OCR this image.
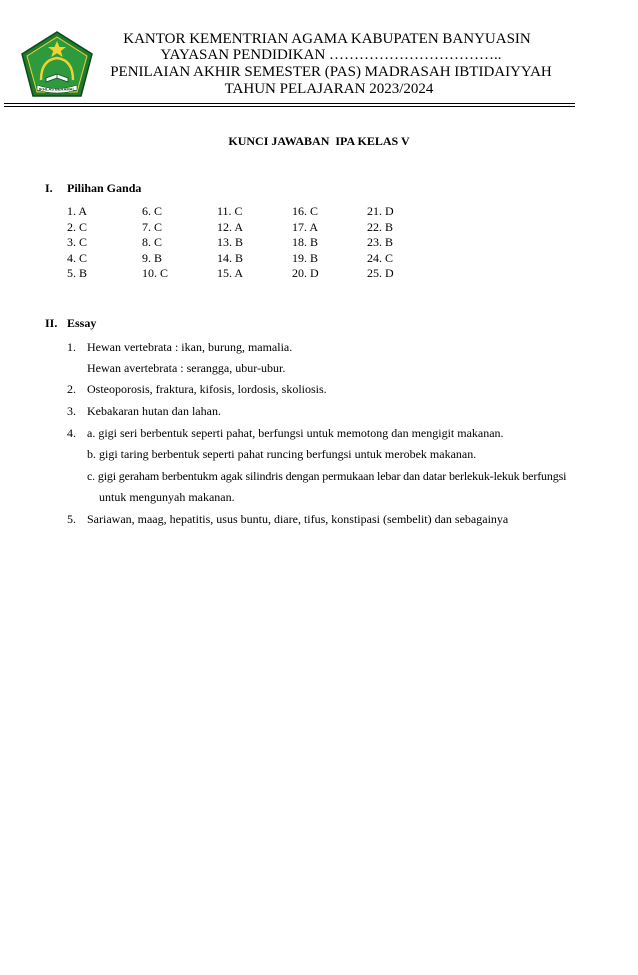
IKHLAS BERAMAL
KANTOR KEMENTRIAN AGAMA KABUPATEN BANYUASIN
YAYASAN PENDIDIKAN ……………………………..
PENILAIAN AKHIR SEMESTER (PAS) MADRASAH IBTIDAIYYAH
TAHUN PELAJARAN 2023/2024
KUNCI JAWABAN  IPA KELAS V
I. Pilihan Ganda
1. A
2. C
3. C
4. C
5. B
6. C
7. C
8. C
9. B
10. C
11. C
12. A
13. B
14. B
15. A
16. C
17. A
18. B
19. B
20. D
21. D
22. B
23. B
24. C
25. D
II. Essay
1. Hewan vertebrata : ikan, burung, mamalia.
Hewan avertebrata : serangga, ubur-ubur.
2. Osteoporosis, fraktura, kifosis, lordosis, skoliosis.
3. Kebakaran hutan dan lahan.
4. a. gigi seri berbentuk seperti pahat, berfungsi untuk memotong dan mengigit makanan.
b. gigi taring berbentuk seperti pahat runcing berfungsi untuk merobek makanan.
c. gigi geraham berbentukm agak silindris dengan permukaan lebar dan datar berlekuk-lekuk berfungsi
untuk mengunyah makanan.
5. Sariawan, maag, hepatitis, usus buntu, diare, tifus, konstipasi (sembelit) dan sebagainya
